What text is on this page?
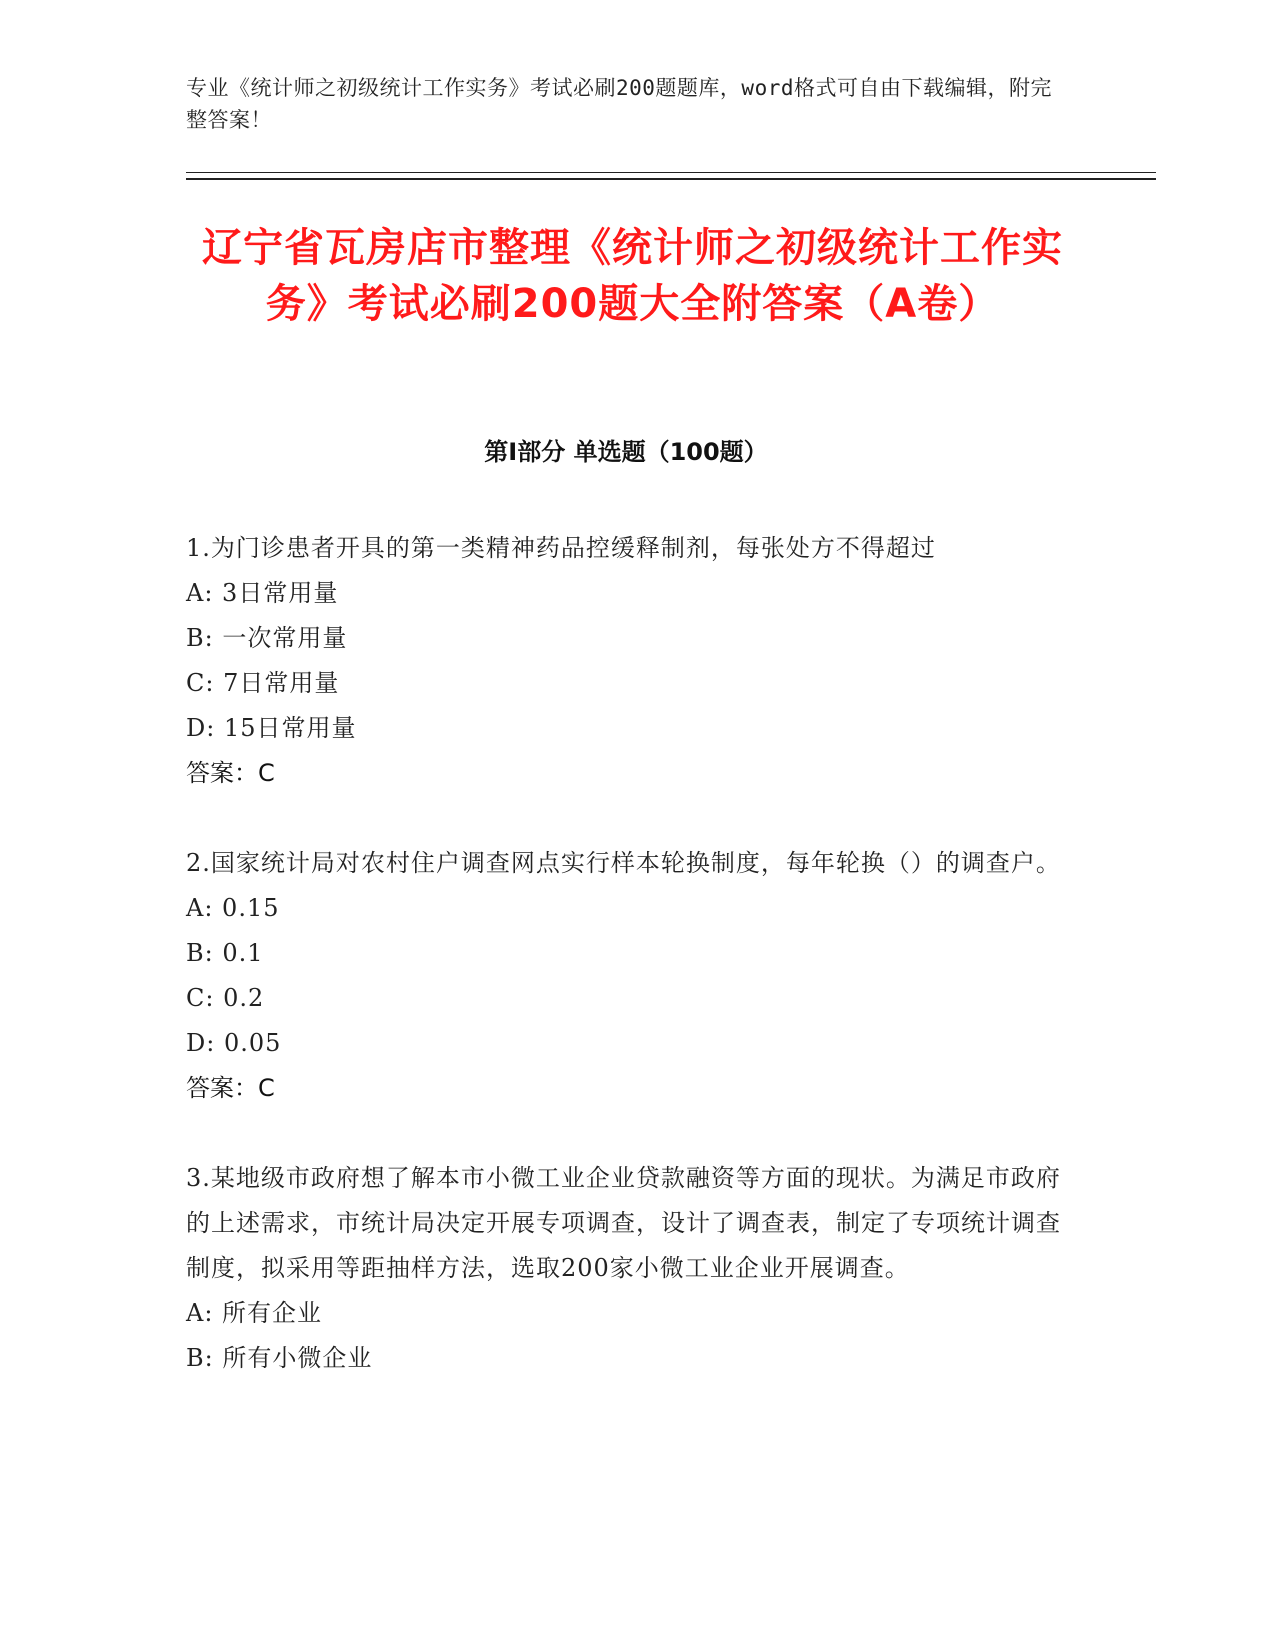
专业《统计师之初级统计工作实务》考试必刷200题题库，word格式可自由下载编辑，附完整答案！
辽宁省瓦房店市整理《统计师之初级统计工作实务》考试必刷200题大全附答案（A卷）
第I部分 单选题（100题）

1.为门诊患者开具的第一类精神药品控缓释制剂，每张处方不得超过

A: 3日常用量

B: 一次常用量

C: 7日常用量

D: 15日常用量

答案：C

2.国家统计局对农村住户调查网点实行样本轮换制度，每年轮换（）的调查户。

A: 0.15

B: 0.1

C: 0.2

D: 0.05

答案：C

3.某地级市政府想了解本市小微工业企业贷款融资等方面的现状。为满足市政府的上述需求，市统计局决定开展专项调查，设计了调查表，制定了专项统计调查制度，拟采用等距抽样方法，选取200家小微工业企业开展调查。

A: 所有企业

B: 所有小微企业
